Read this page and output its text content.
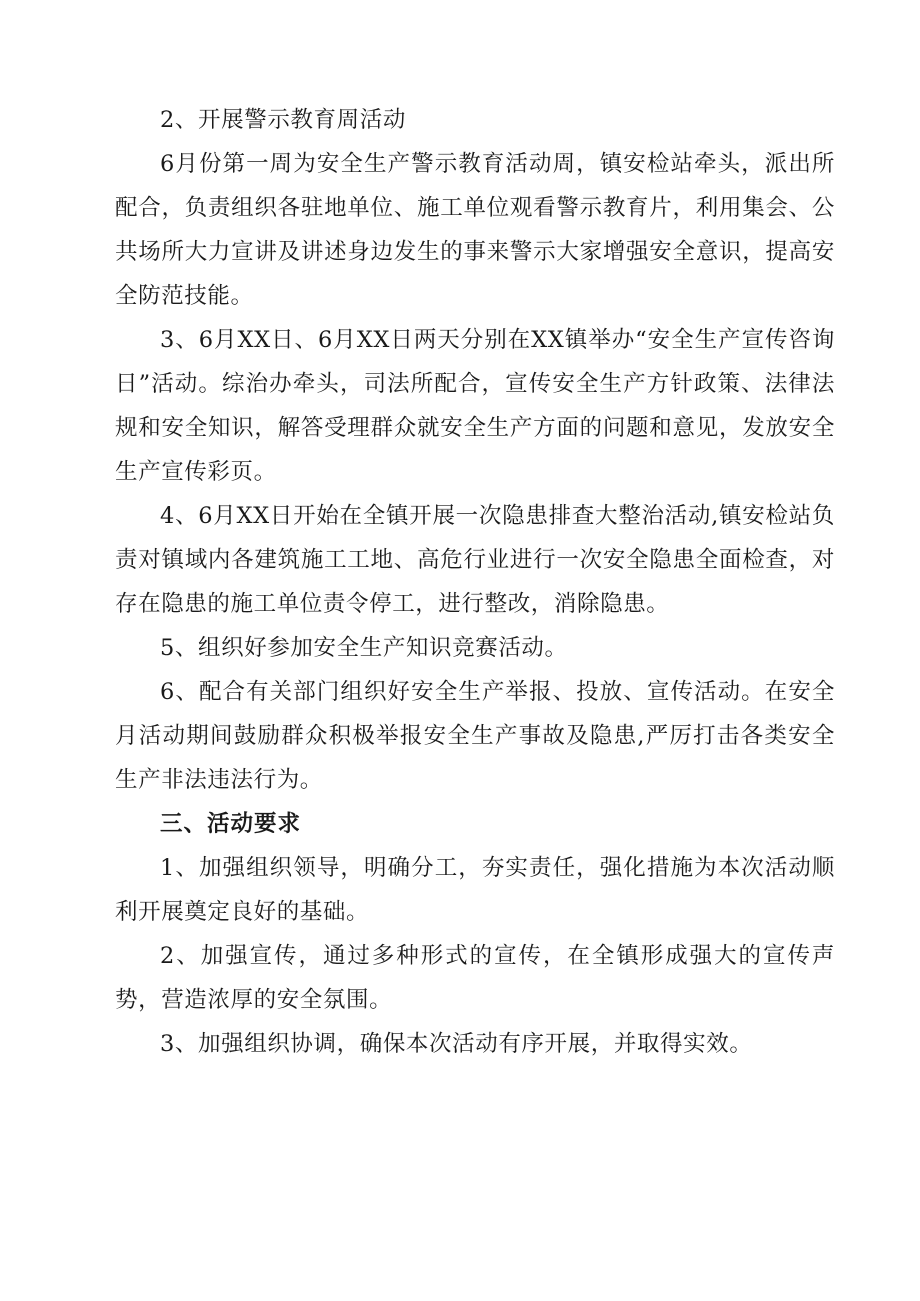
2、开展警示教育周活动

6月份第一周为安全生产警示教育活动周，镇安检站牵头，派出所配合，负责组织各驻地单位、施工单位观看警示教育片，利用集会、公共场所大力宣讲及讲述身边发生的事来警示大家增强安全意识，提高安全防范技能。

3、6月XX日、6月XX日两天分别在XX镇举办“安全生产宣传咨询日”活动。综治办牵头，司法所配合，宣传安全生产方针政策、法律法规和安全知识，解答受理群众就安全生产方面的问题和意见，发放安全生产宣传彩页。

4、6月XX日开始在全镇开展一次隐患排查大整治活动,镇安检站负责对镇域内各建筑施工工地、高危行业进行一次安全隐患全面检查，对存在隐患的施工单位责令停工，进行整改，消除隐患。

5、组织好参加安全生产知识竞赛活动。

6、配合有关部门组织好安全生产举报、投放、宣传活动。在安全月活动期间鼓励群众积极举报安全生产事故及隐患,严厉打击各类安全生产非法违法行为。

三、活动要求

1、加强组织领导，明确分工，夯实责任，强化措施为本次活动顺利开展奠定良好的基础。

2、加强宣传，通过多种形式的宣传，在全镇形成强大的宣传声势，营造浓厚的安全氛围。

3、加强组织协调，确保本次活动有序开展，并取得实效。
